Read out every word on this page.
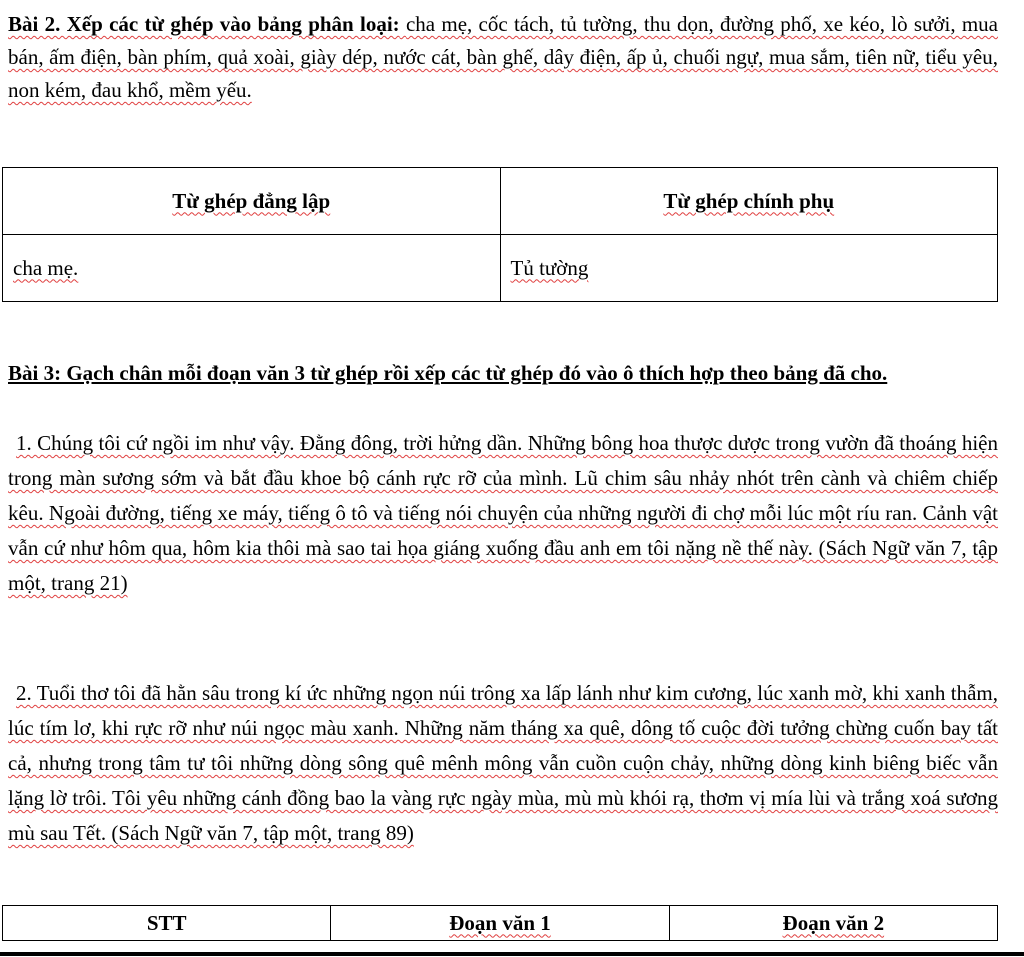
Bài 2. Xếp các từ ghép vào bảng phân loại: cha mẹ, cốc tách, tủ tường, thu dọn, đường phố, xe kéo, lò sưởi, mua bán, ấm điện, bàn phím, quả xoài, giày dép, nước cát, bàn ghế, dây điện, ấp ủ, chuối ngự, mua sắm, tiên nữ, tiểu yêu, non kém, đau khổ, mềm yếu.

Từ ghép đẳng lập	Từ ghép chính phụ
cha mẹ.	Tủ tường

Bài 3: Gạch chân mỗi đoạn văn 3 từ ghép rồi xếp các từ ghép đó vào ô thích hợp theo bảng đã cho.

1. Chúng tôi cứ ngồi im như vậy. Đằng đông, trời hửng dần. Những bông hoa thược dược trong vườn đã thoáng hiện trong màn sương sớm và bắt đầu khoe bộ cánh rực rỡ của mình. Lũ chim sâu nhảy nhót trên cành và chiêm chiếp kêu. Ngoài đường, tiếng xe máy, tiếng ô tô và tiếng nói chuyện của những người đi chợ mỗi lúc một ríu ran. Cảnh vật vẫn cứ như hôm qua, hôm kia thôi mà sao tai họa giáng xuống đầu anh em tôi nặng nề thế này. (Sách Ngữ văn 7, tập một, trang 21)

2. Tuổi thơ tôi đã hằn sâu trong kí ức những ngọn núi trông xa lấp lánh như kim cương, lúc xanh mờ, khi xanh thẫm, lúc tím lơ, khi rực rỡ như núi ngọc màu xanh. Những năm tháng xa quê, dông tố cuộc đời tưởng chừng cuốn bay tất cả, nhưng trong tâm tư tôi những dòng sông quê mênh mông vẫn cuồn cuộn chảy, những dòng kinh biêng biếc vẫn lặng lờ trôi. Tôi yêu những cánh đồng bao la vàng rực ngày mùa, mù mù khói rạ, thơm vị mía lùi và trắng xoá sương mù sau Tết. (Sách Ngữ văn 7, tập một, trang 89)

STT	Đoạn văn 1	Đoạn văn 2
